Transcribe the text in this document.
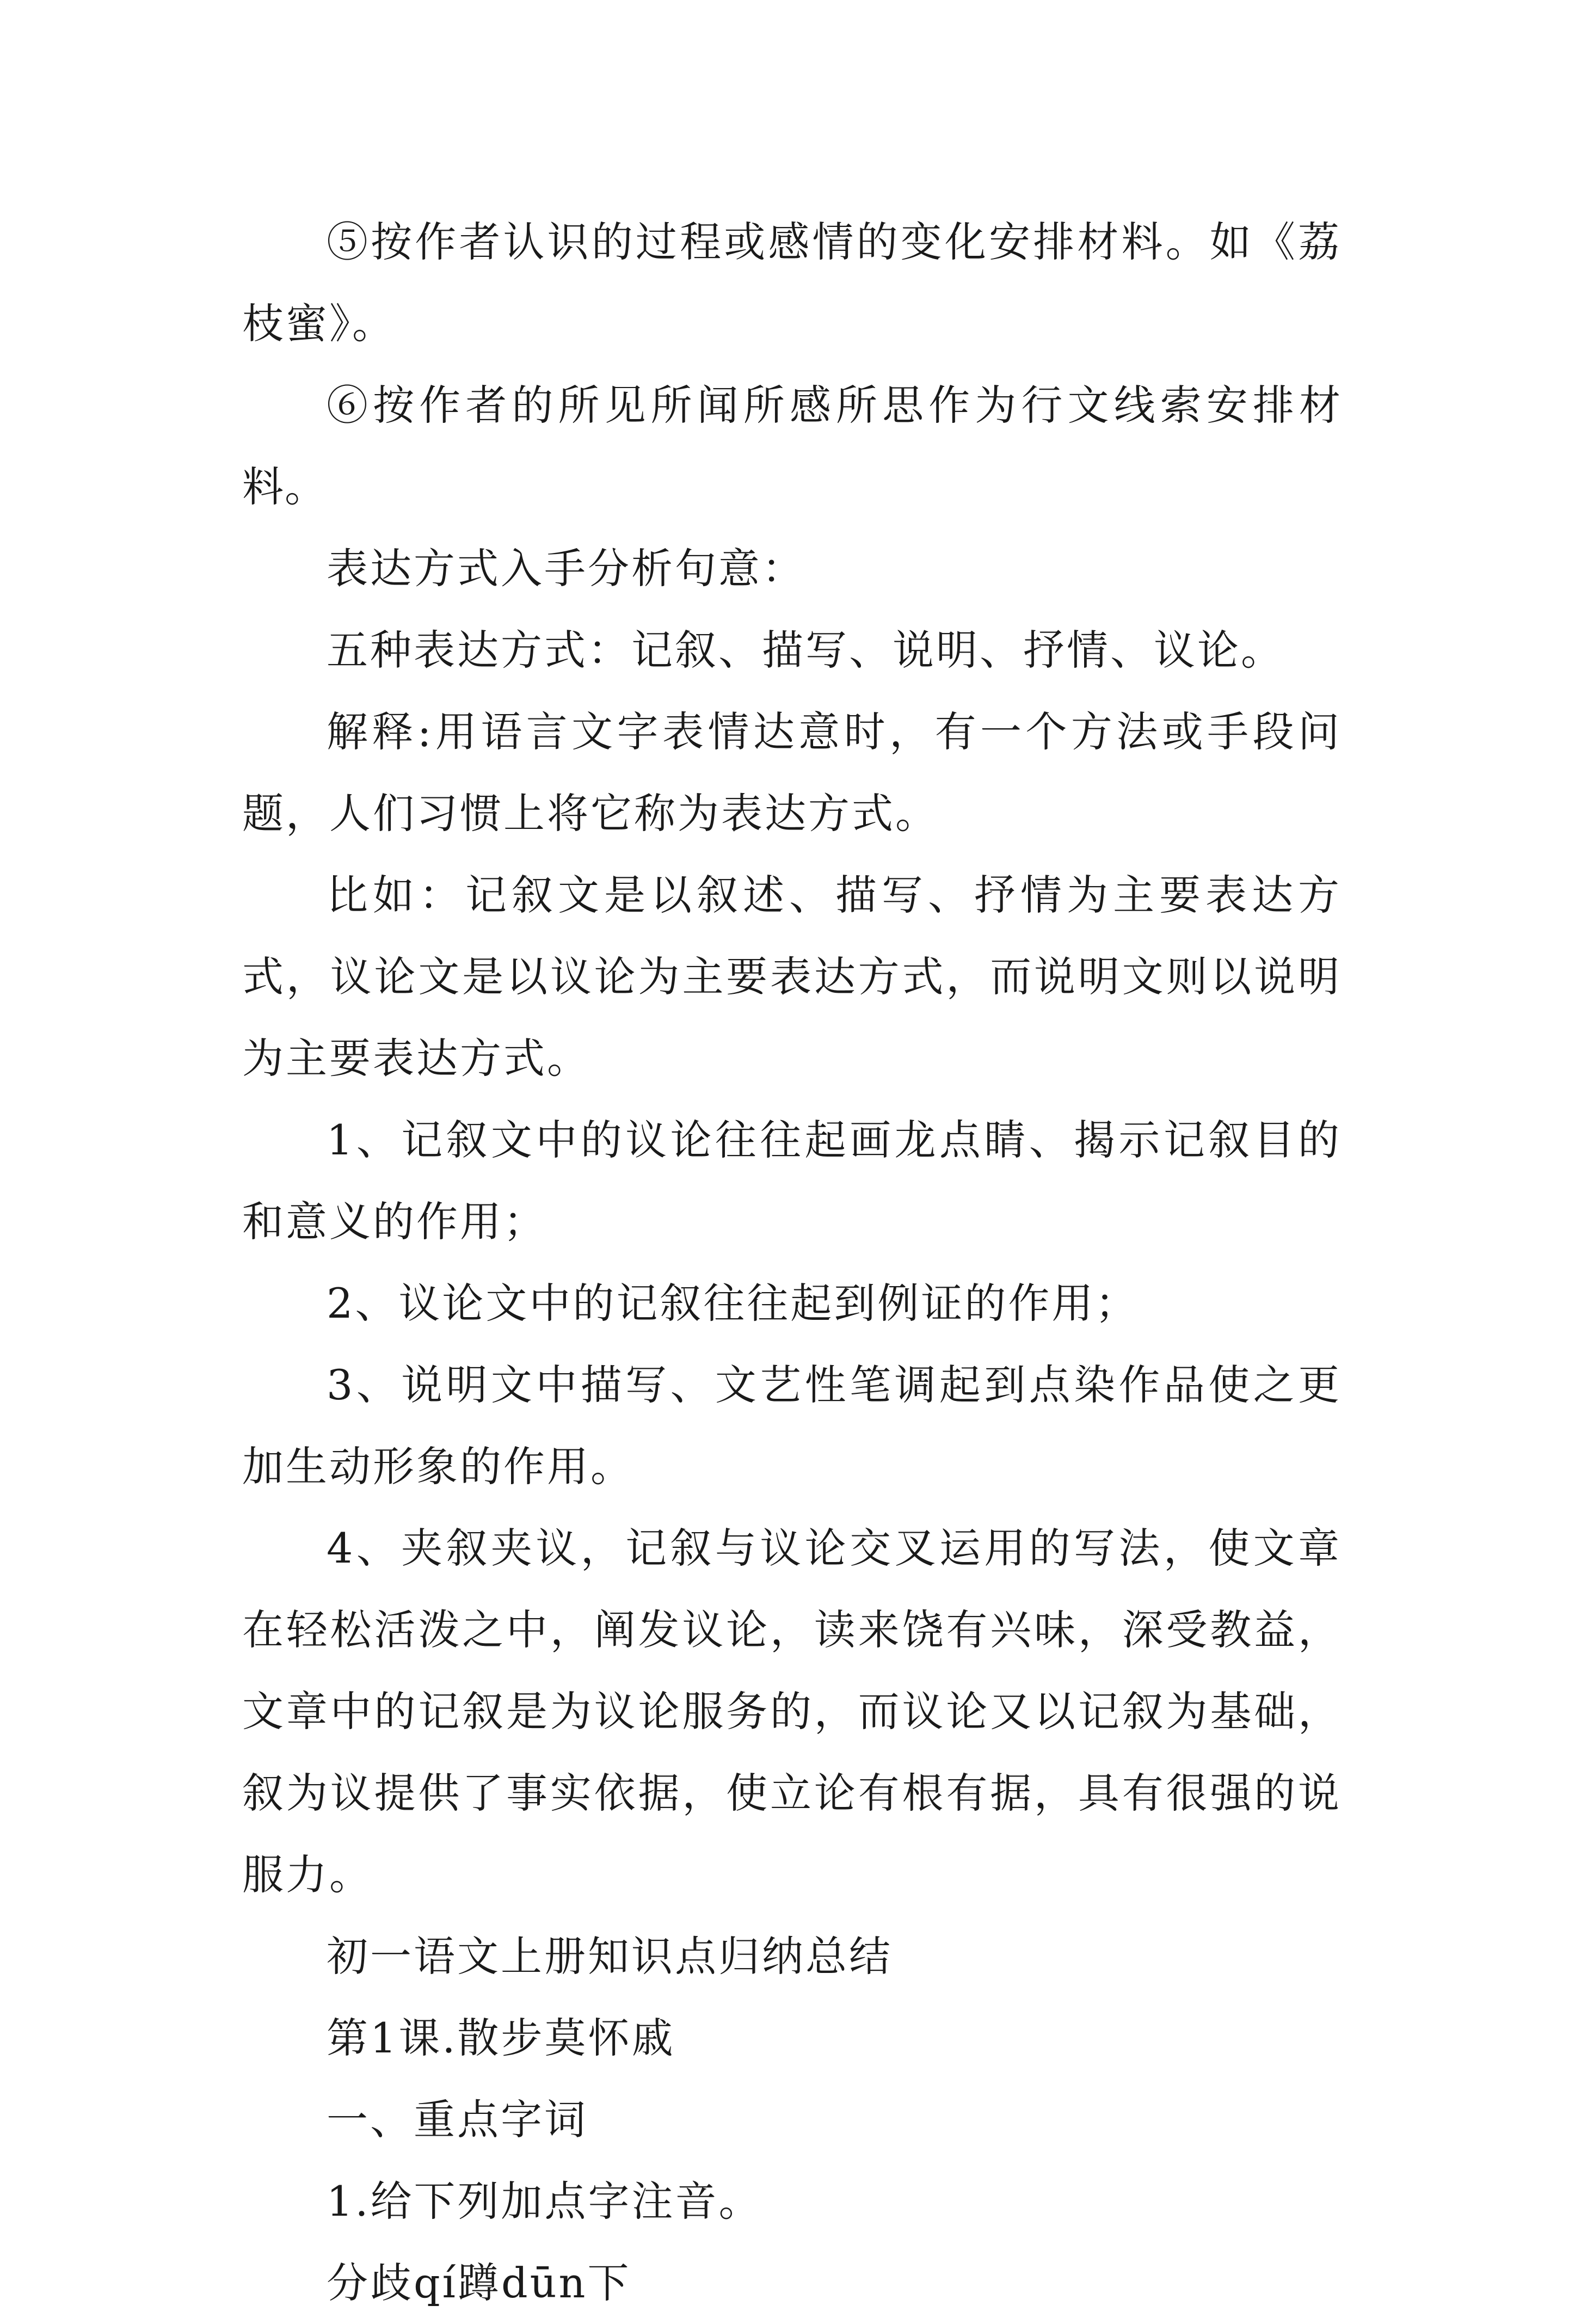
⑤按作者认识的过程或感情的变化安排材料。如《荔枝蜜》。

⑥按作者的所见所闻所感所思作为行文线索安排材料。

表达方式入手分析句意：

五种表达方式：记叙、描写、说明、抒情、议论。

解释:用语言文字表情达意时，有一个方法或手段问题，人们习惯上将它称为表达方式。

比如：记叙文是以叙述、描写、抒情为主要表达方式，议论文是以议论为主要表达方式，而说明文则以说明为主要表达方式。

1、记叙文中的议论往往起画龙点睛、揭示记叙目的和意义的作用；

2、议论文中的记叙往往起到例证的作用；

3、说明文中描写、文艺性笔调起到点染作品使之更加生动形象的作用。

4、夹叙夹议，记叙与议论交叉运用的写法，使文章在轻松活泼之中，阐发议论，读来饶有兴味，深受教益，文章中的记叙是为议论服务的，而议论又以记叙为基础，叙为议提供了事实依据，使立论有根有据，具有很强的说服力。

初一语文上册知识点归纳总结

第1课.散步莫怀戚

一、重点字词

1.给下列加点字注音。

分歧qí蹲dūn下
